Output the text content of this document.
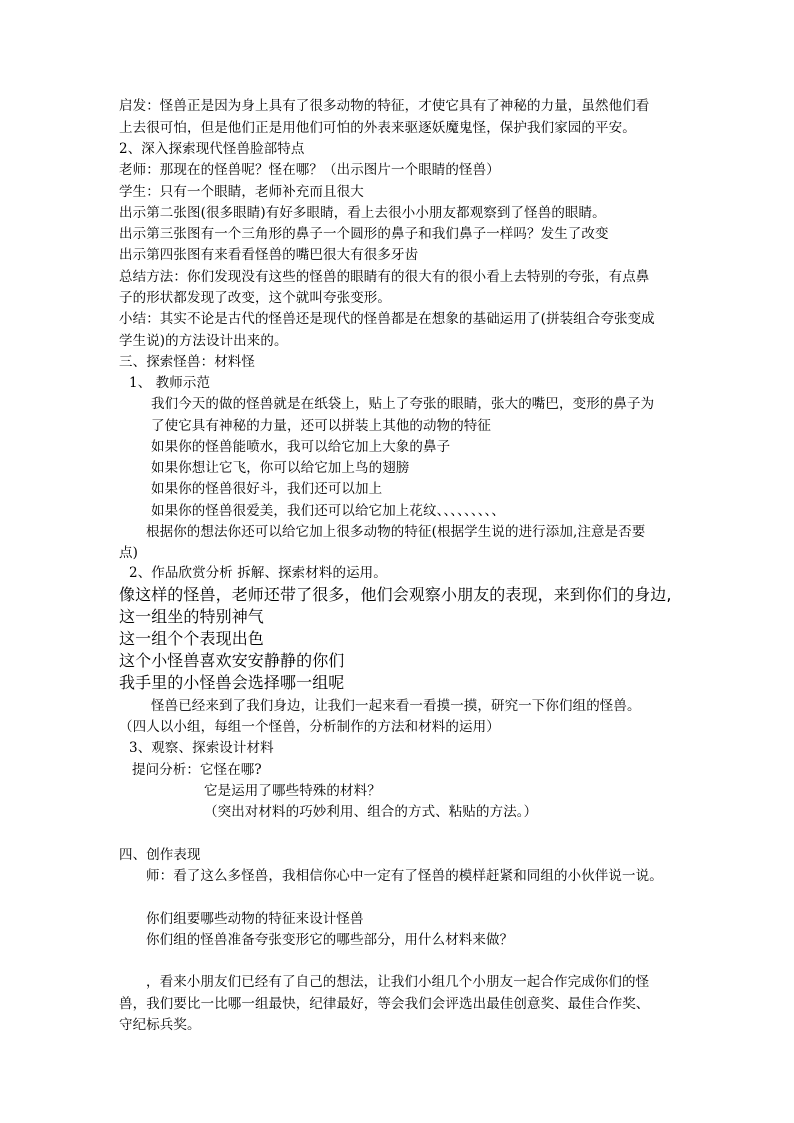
启发：怪兽正是因为身上具有了很多动物的特征，才使它具有了神秘的力量，虽然他们看
上去很可怕，但是他们正是用他们可怕的外表来驱逐妖魔鬼怪，保护我们家园的平安。
2、深入探索现代怪兽脸部特点
老师：那现在的怪兽呢？怪在哪？（出示图片一个眼睛的怪兽）
学生：只有一个眼睛，老师补充而且很大
出示第二张图(很多眼睛)有好多眼睛，看上去很小小朋友都观察到了怪兽的眼睛。
出示第三张图有一个三角形的鼻子一个圆形的鼻子和我们鼻子一样吗？发生了改变
出示第四张图有来看看怪兽的嘴巴很大有很多牙齿
总结方法：你们发现没有这些的怪兽的眼睛有的很大有的很小看上去特别的夸张，有点鼻
子的形状都发现了改变，这个就叫夸张变形。
小结：其实不论是古代的怪兽还是现代的怪兽都是在想象的基础运用了(拼装组合夸张变成
学生说)的方法设计出来的。
三、探索怪兽：材料怪
1、 教师示范
我们今天的做的怪兽就是在纸袋上，贴上了夸张的眼睛，张大的嘴巴，变形的鼻子为
了使它具有神秘的力量，还可以拼装上其他的动物的特征
如果你的怪兽能喷水，我可以给它加上大象的鼻子
如果你想让它飞，你可以给它加上鸟的翅膀
如果你的怪兽很好斗，我们还可以加上
如果你的怪兽很爱美，我们还可以给它加上花纹、、、、、、、、、
根据你的想法你还可以给它加上很多动物的特征(根据学生说的进行添加,注意是否要
点)
2、作品欣赏分析 拆解、探索材料的运用。
像这样的怪兽，老师还带了很多，他们会观察小朋友的表现，来到你们的身边,
这一组坐的特别神气
这一组个个表现出色
这个小怪兽喜欢安安静静的你们
我手里的小怪兽会选择哪一组呢
怪兽已经来到了我们身边，让我们一起来看一看摸一摸，研究一下你们组的怪兽。
（四人以小组，每组一个怪兽，分析制作的方法和材料的运用）
3、观察、探索设计材料
提问分析：它怪在哪?
它是运用了哪些特殊的材料？
（突出对材料的巧妙利用、组合的方式、粘贴的方法。）
四、创作表现
师：看了这么多怪兽，我相信你心中一定有了怪兽的模样赶紧和同组的小伙伴说一说。
你们组要哪些动物的特征来设计怪兽
你们组的怪兽准备夸张变形它的哪些部分，用什么材料来做？
，看来小朋友们已经有了自己的想法，让我们小组几个小朋友一起合作完成你们的怪
兽，我们要比一比哪一组最快，纪律最好，等会我们会评选出最佳创意奖、最佳合作奖、
守纪标兵奖。
